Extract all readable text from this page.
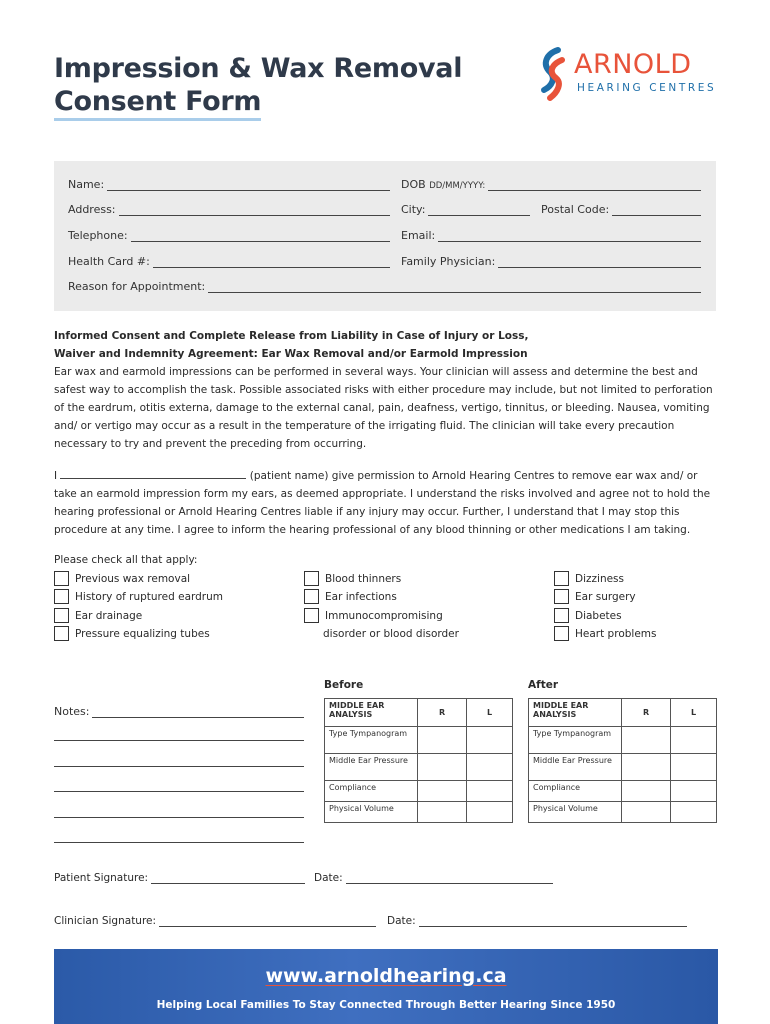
Impression & Wax Removal
Consent Form
ARNOLD
HEARING CENTRES
Name:	DOB DD/MM/YYYY:
Address:	City:	Postal Code:
Telephone:	Email:
Health Card #:	Family Physician:
Reason for Appointment:
Informed Consent and Complete Release from Liability in Case of Injury or Loss,
Waiver and Indemnity Agreement: Ear Wax Removal and/or Earmold Impression
Ear wax and earmold impressions can be performed in several ways. Your clinician will assess and determine the best and safest way to accomplish the task. Possible associated risks with either procedure may include, but not limited to perforation of the eardrum, otitis externa, damage to the external canal, pain, deafness, vertigo, tinnitus, or bleeding. Nausea, vomiting and/ or vertigo may occur as a result in the temperature of the irrigating fluid. The clinician will take every precaution necessary to try and prevent the preceding from occurring.
I	(patient name) give permission to Arnold Hearing Centres to remove ear wax and/ or take an earmold impression form my ears, as deemed appropriate. I understand the risks involved and agree not to hold the hearing professional or Arnold Hearing Centres liable if any injury may occur. Further, I understand that I may stop this procedure at any time. I agree to inform the hearing professional of any blood thinning or other medications I am taking.
Please check all that apply:
Previous wax removal
History of ruptured eardrum
Ear drainage
Pressure equalizing tubes
Blood thinners
Ear infections
Immunocompromising
disorder or blood disorder
Dizziness
Ear surgery
Diabetes
Heart problems
Notes:
Before
MIDDLE EAR ANALYSIS	R	L
Type Tympanogram		
Middle Ear Pressure		
Compliance		
Physical Volume		
After
MIDDLE EAR ANALYSIS	R	L
Type Tympanogram		
Middle Ear Pressure		
Compliance		
Physical Volume		
Patient Signature:	Date:
Clinician Signature:	Date:
www.arnoldhearing.ca
Helping Local Families To Stay Connected Through Better Hearing Since 1950
